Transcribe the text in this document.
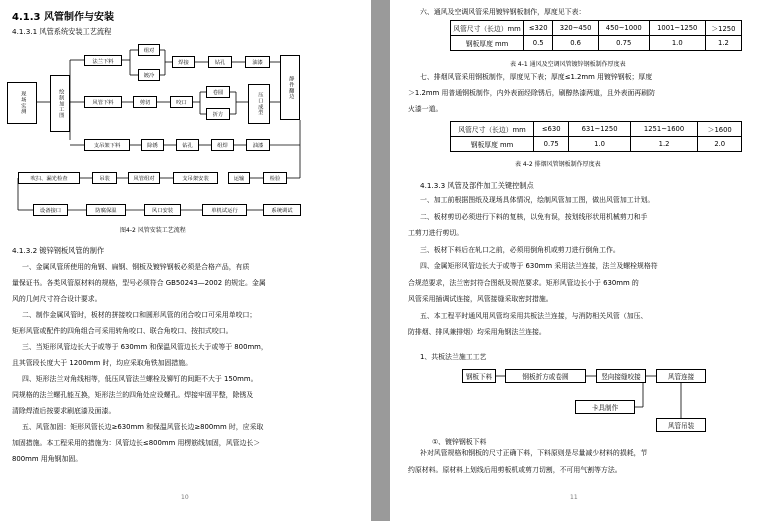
4.1.3 风管制作与安装
4.1.3.1 风管系统安装工艺流程
现场实测	绘制加工图
法兰下料
组对
镀冷
焊接	钻孔	油漆
风管下料	剪切	咬口
卷圆
折方	压口成型
静件翻边
支吊架下料	除锈	钻孔	组焊	油漆
吹扫、漏光检查	吊装	风管组对	支吊架安装	运输	检验
设备接口	防腐保温	风口安装	单机试运行	系统调试
图4-2 风管安装工艺流程
4.1.3.2 镀锌钢板风管的制作
一、金属风管所使用的角钢、扁钢、钢板及镀锌钢板必须是合格产品，有质
量保证书。各类风管原材料的规格，型号必须符合 GB50243—2002 的规定。金属
风的几何尺寸符合设计要求。
二、制作金属风管时，板材的拼接咬口和圆形风管的闭合咬口可采用单咬口；
矩形风管或配件的四角组合可采用转角咬口、联合角咬口、按扣式咬口。
三、当矩形风管边长大于或等于 630mm 和保温风管边长大于或等于 800mm，
且其管段长度大于 1200mm 时，均应采取角铁加固措施。
四、矩形法兰对角线相等，低压风管法兰螺栓及铆钉的间距不大于 150mm。
同规格的法兰螺孔能互换，矩形法兰的四角处应设螺孔。焊接牢固平整，除锈及
清除焊渣后按要求刷底漆及面漆。
五、风管加固：矩形风管长边≥630mm 和保温风管长边≥800mm 时，应采取
加固措施。本工程采用的措施为：风管边长≤800mm 用楞筋线加固，风管边长＞
800mm 用角钢加固。
10
六、通风及空调风管采用镀锌钢板制作，厚度见下表：
风管尺寸（长边）mm	≤320	320~450	450~1000	1001~1250	＞1250
钢板厚度 mm	0.5	0.6	0.75	1.0	1.2
表 4-1 通风及空调风管镀锌钢板制作厚度表
七、排烟风管采用钢板制作，厚度见下表；厚度≤1.2mm 用镀锌钢板；厚度
＞1.2mm 用普通钢板制作，内外表面经除锈后，刷醇热漆两道，且外表面再刷防
火漆一道。
风管尺寸（长边）mm	≤630	631~1250	1251~1600	＞1600
钢板厚度 mm	0.75	1.0	1.2	2.0
表 4-2 排烟风管钢板制作厚度表
4.1.3.3 风管及部件加工关键控制点
一、加工前根据图纸及现场具体情况，绘制风管加工图，做出风管加工计划。
二、板材剪切必须进行下料的复核，以免有误，按划线形状用机械剪刀和手
工剪刀进行剪切。
三、板材下料后在轧口之前，必须用倒角机或剪刀进行倒角工作。
四、金属矩形风管边长大于或等于 630mm 采用法兰连接，法兰及螺栓规格符
合规范要求，法兰密封符合图纸及规范要求。矩形风管边长小于 630mm 的
风管采用插调试连接，风管接缝采取密封措施。
五、本工程平时通风用风管均采用共板法兰连接，与消防相关风管（加压、
防排烟、排风兼排烟）均采用角钢法兰连接。
1、共板法兰施工工艺
钢板下料	钢板折方或卷圆	竖向接缝咬接	风管连接
卡具制作
风管吊装
①、镀锌钢板下料
补对风管规格和钢板的尺寸正确下料，下料原则是尽量减少材料的损耗，节
约原材料。原材料上划线后用剪板机或剪刀切割，不可用气割等方法。
11
